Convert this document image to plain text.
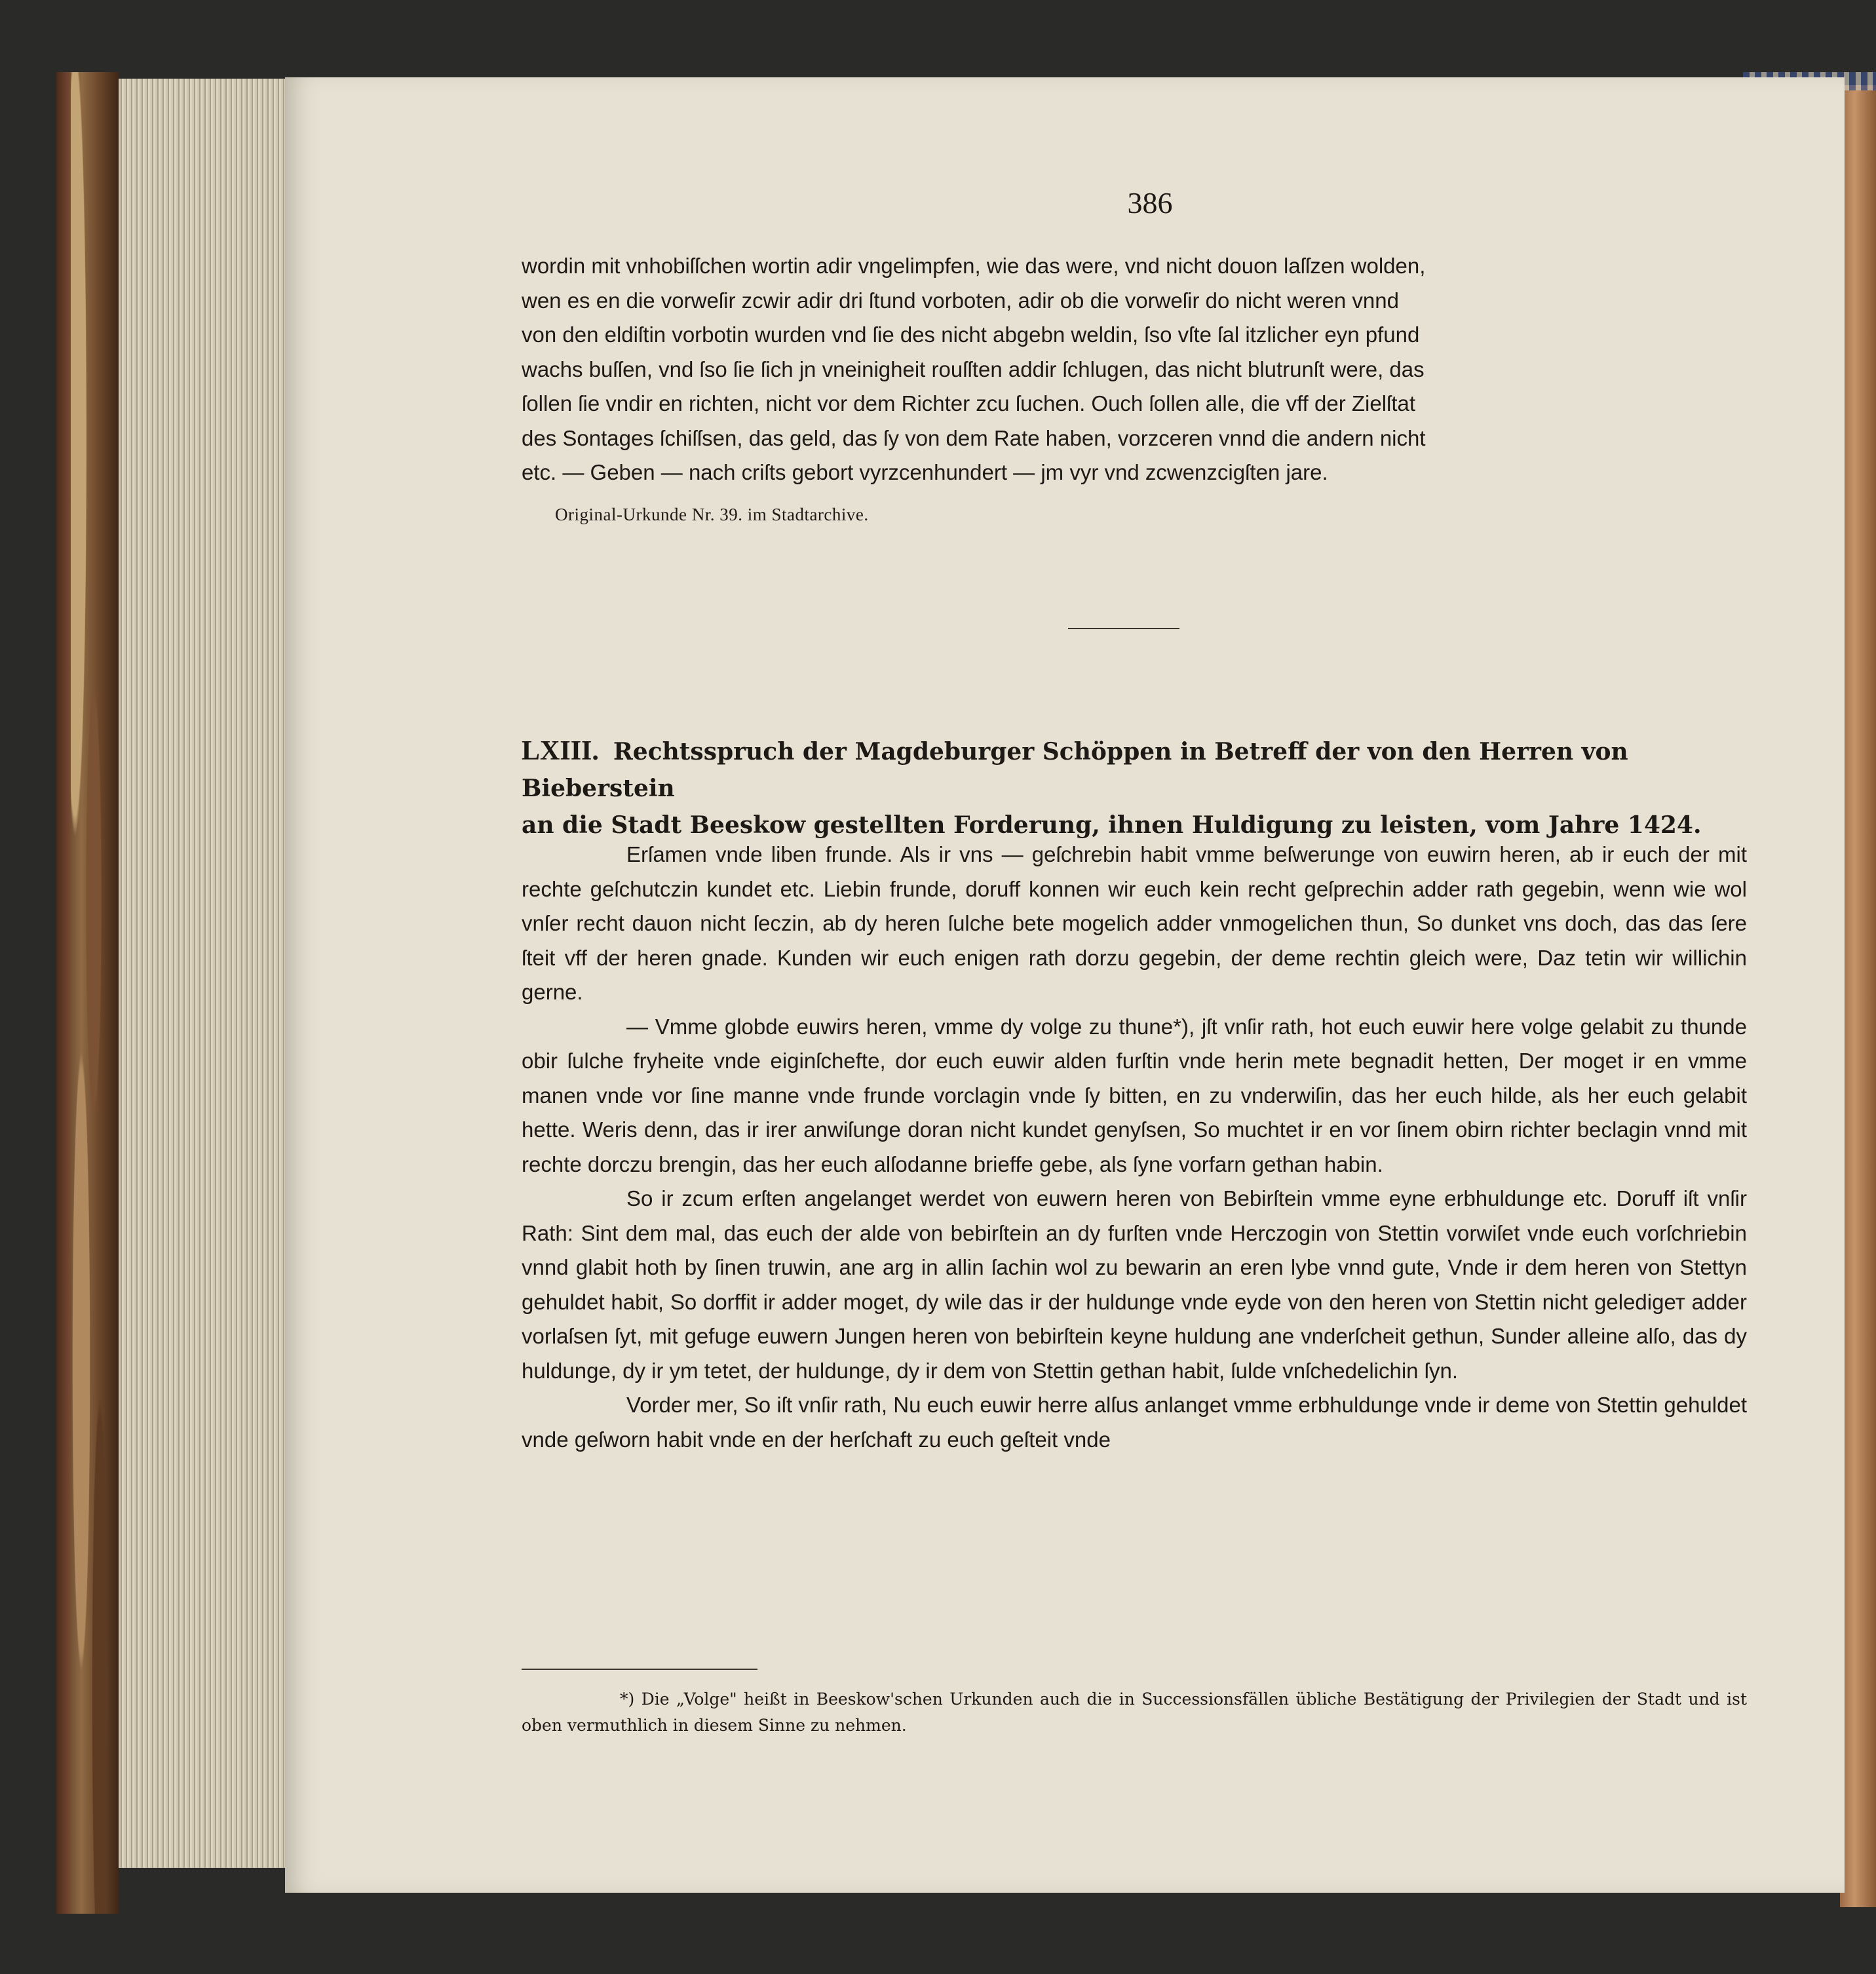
386
wordin mit vnhobiſſchen wortin adir vngelimpfen, wie das were, vnd nicht douon laſſzen wolden,
wen es en die vorweſir zcwir adir dri ſtund vorboten, adir ob die vorweſir do nicht weren vnnd
von den eldiſtin vorbotin wurden vnd ſie des nicht abgebn weldin, ſso vſte ſal itzlicher eyn pfund
wachs buſſen, vnd ſso ſie ſich jn vneinigheit rouſſten addir ſchlugen, das nicht blutrunſt were, das
ſollen ſie vndir en richten, nicht vor dem Richter zcu ſuchen. Ouch ſollen alle, die vff der Zielſtat
des Sontages ſchiſſsen, das geld, das ſy von dem Rate haben, vorzceren vnnd die andern nicht
etc. — Geben — nach criſts gebort vyrzcenhundert — jm vyr vnd zcwenzcigſten jare.
Original-Urkunde Nr. 39. im Stadtarchive.
LXIII. Rechtsspruch der Magdeburger Schöppen in Betreff der von den Herren von Bieberstein
an die Stadt Beeskow gestellten Forderung, ihnen Huldigung zu leisten, vom Jahre 1424.

Erſamen vnde liben frunde. Als ir vns — geſchrebin habit vmme beſwerunge von euwirn heren, ab ir euch der mit rechte geſchutczin kundet etc. Liebin frunde, doruff konnen wir euch kein recht geſprechin adder rath gegebin, wenn wie wol vnſer recht dauon nicht ſeczin, ab dy heren ſulche bete mogelich adder vnmogelichen thun, So dunket vns doch, das das ſere ſteit vff der heren gnade. Kunden wir euch enigen rath dorzu gegebin, der deme rechtin gleich were, Daz tetin wir willichin gerne.

— Vmme globde euwirs heren, vmme dy volge zu thune*), jſt vnſir rath, hot euch euwir here volge gelabit zu thunde obir ſulche fryheite vnde eiginſchefte, dor euch euwir alden furſtin vnde herin mete begnadit hetten, Der moget ir en vmme manen vnde vor ſine manne vnde frunde vorclagin vnde ſy bitten, en zu vnderwiſin, das her euch hilde, als her euch gelabit hette. Weris denn, das ir irer anwiſunge doran nicht kundet genyſsen, So muchtet ir en vor ſinem obirn richter beclagin vnnd mit rechte dorczu brengin, das her euch alſodanne brieffe gebe, als ſyne vorfarn gethan habin.

So ir zcum erſten angelanget werdet von euwern heren von Bebirſtein vmme eyne erbhuldunge etc. Doruff iſt vnſir Rath: Sint dem mal, das euch der alde von bebirſtein an dy furſten vnde Herczogin von Stettin vorwiſet vnde euch vorſchriebin vnnd glabit hoth by ſinen truwin, ane arg in allin ſachin wol zu bewarin an eren lybe vnnd gute, Vnde ir dem heren von Stettyn gehuldet habit, So dorffit ir adder moget, dy wile das ir der huldunge vnde eyde von den heren von Stettin nicht geledigет adder vorlaſsen ſyt, mit gefuge euwern Jungen heren von bebirſtein keyne huldung ane vnderſcheit gethun, Sunder alleine alſo, das dy huldunge, dy ir ym tetet, der huldunge, dy ir dem von Stettin gethan habit, ſulde vnſchedelichin ſyn.

Vorder mer, So iſt vnſir rath, Nu euch euwir herre alſus anlanget vmme erbhuldunge vnde ir deme von Stettin gehuldet vnde geſworn habit vnde en der herſchaft zu euch geſteit vnde

*) Die „Volge" heißt in Beeskow'schen Urkunden auch die in Successionsfällen übliche Bestätigung der Privilegien der Stadt und ist oben vermuthlich in diesem Sinne zu nehmen.
